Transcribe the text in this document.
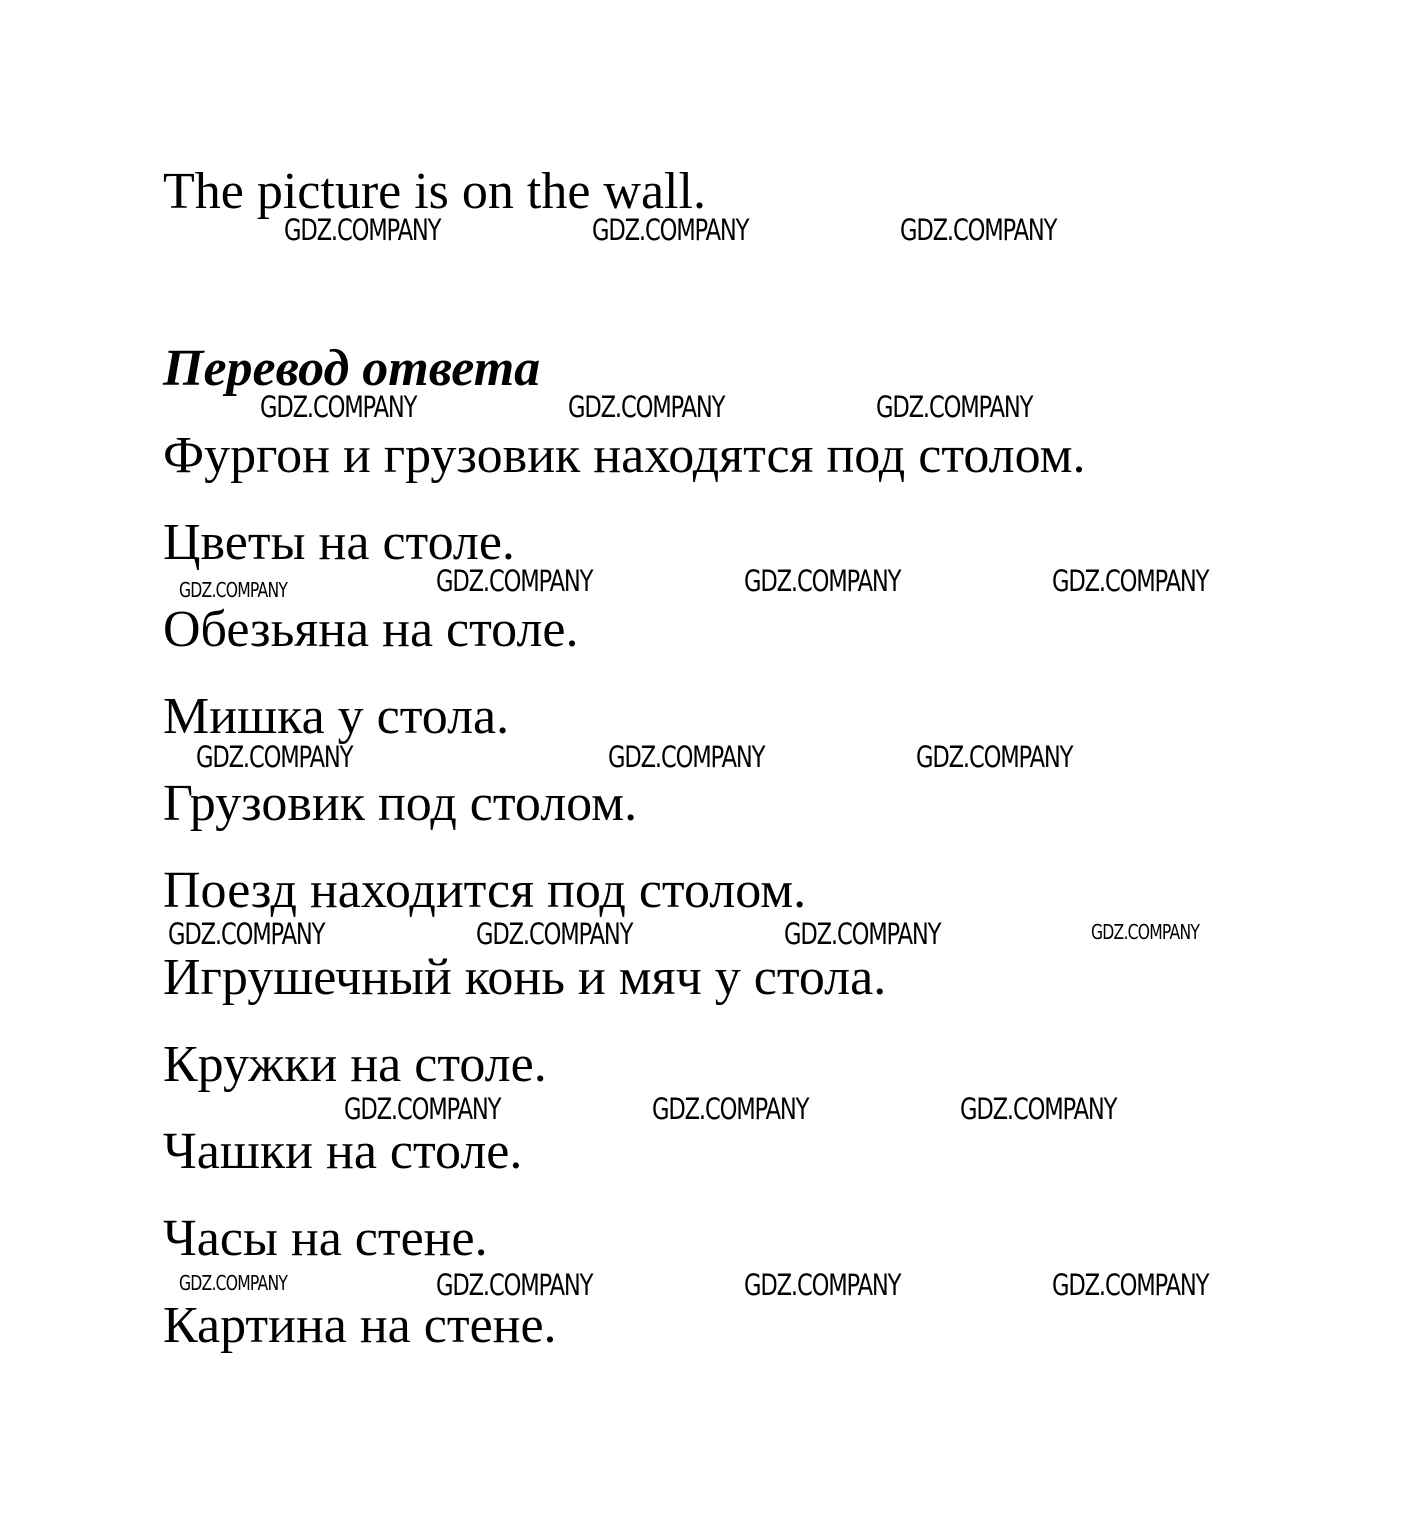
The picture is on the wall.

Перевод ответа

Фургон и грузовик находятся под столом.

Цветы на столе.

Обезьяна на столе.

Мишка у стола.

Грузовик под столом.

Поезд находится под столом.

Игрушечный конь и мяч у стола.

Кружки на столе.

Чашки на столе.

Часы на стене.

Картина на стене.

GDZ.COMPANY	GDZ.COMPANY	GDZ.COMPANY
GDZ.COMPANY	GDZ.COMPANY	GDZ.COMPANY
GDZ.COMPANY	GDZ.COMPANY	GDZ.COMPANY	GDZ.COMPANY
GDZ.COMPANY	GDZ.COMPANY	GDZ.COMPANY
GDZ.COMPANY	GDZ.COMPANY	GDZ.COMPANY	GDZ.COMPANY
GDZ.COMPANY	GDZ.COMPANY	GDZ.COMPANY
GDZ.COMPANY	GDZ.COMPANY	GDZ.COMPANY	GDZ.COMPANY
